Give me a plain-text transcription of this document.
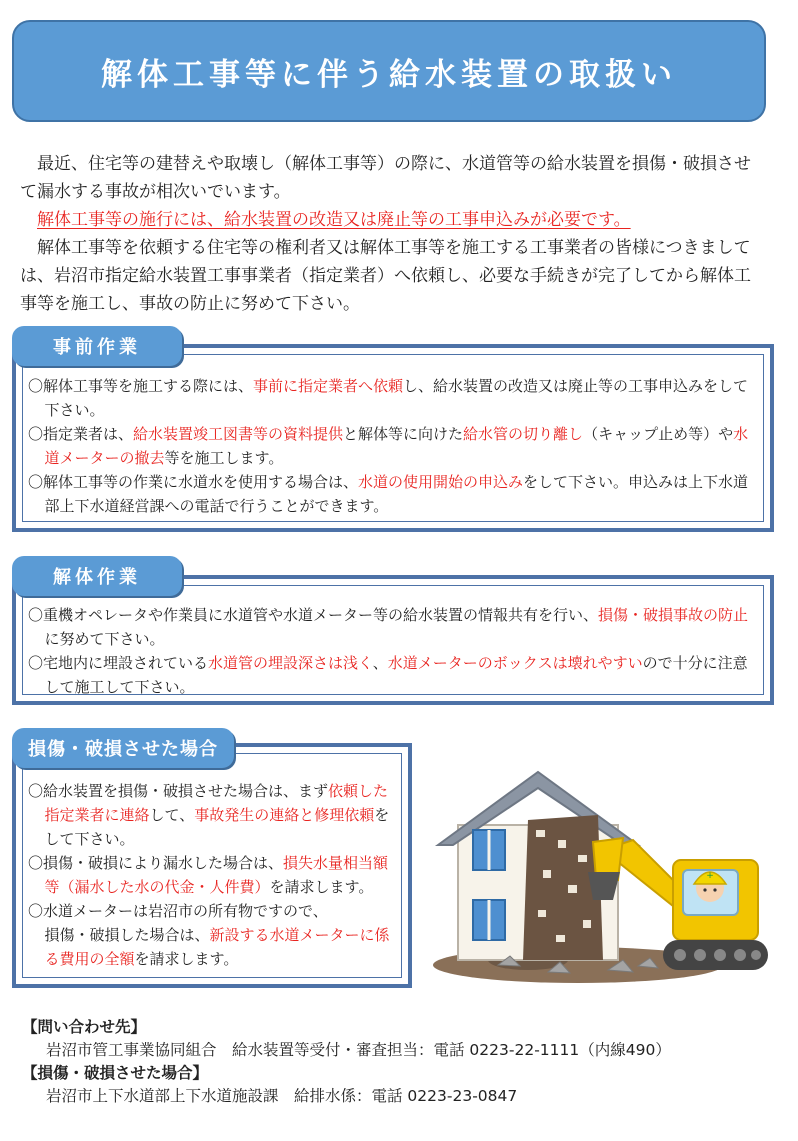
解体工事等に伴う給水装置の取扱い

最近、住宅等の建替えや取壊し（解体工事等）の際に、水道管等の給水装置を損傷・破損させて漏水する事故が相次いでいます。

解体工事等の施行には、給水装置の改造又は廃止等の工事申込みが必要です。

解体工事等を依頼する住宅等の権利者又は解体工事等を施工する工事業者の皆様につきましては、岩沼市指定給水装置工事事業者（指定業者）へ依頼し、必要な手続きが完了してから解体工事等を施工し、事故の防止に努めて下さい。

事前作業

〇解体工事等を施工する際には、事前に指定業者へ依頼し、給水装置の改造又は廃止等の工事申込みをして下さい。

〇指定業者は、給水装置竣工図書等の資料提供と解体等に向けた給水管の切り離し（キャップ止め等）や水道メーターの撤去等を施工します。

〇解体工事等の作業に水道水を使用する場合は、水道の使用開始の申込みをして下さい。申込みは上下水道部上下水道経営課への電話で行うことができます。

解体作業

〇重機オペレータや作業員に水道管や水道メーター等の給水装置の情報共有を行い、損傷・破損事故の防止に努めて下さい。

〇宅地内に埋設されている水道管の埋設深さは浅く、水道メーターのボックスは壊れやすいので十分に注意して施工して下さい。

損傷・破損させた場合

〇給水装置を損傷・破損させた場合は、まず依頼した指定業者に連絡して、事故発生の連絡と修理依頼をして下さい。

〇損傷・破損により漏水した場合は、損失水量相当額等（漏水した水の代金・人件費）を請求します。

〇水道メーターは岩沼市の所有物ですので、
損傷・破損した場合は、新設する水道メーターに係る費用の全額を請求します。

+
【問い合わせ先】
岩沼市管工事業協同組合　給水装置等受付・審査担当：電話 0223-22-1111（内線490）
【損傷・破損させた場合】
岩沼市上下水道部上下水道施設課　給排水係：電話 0223-23-0847
